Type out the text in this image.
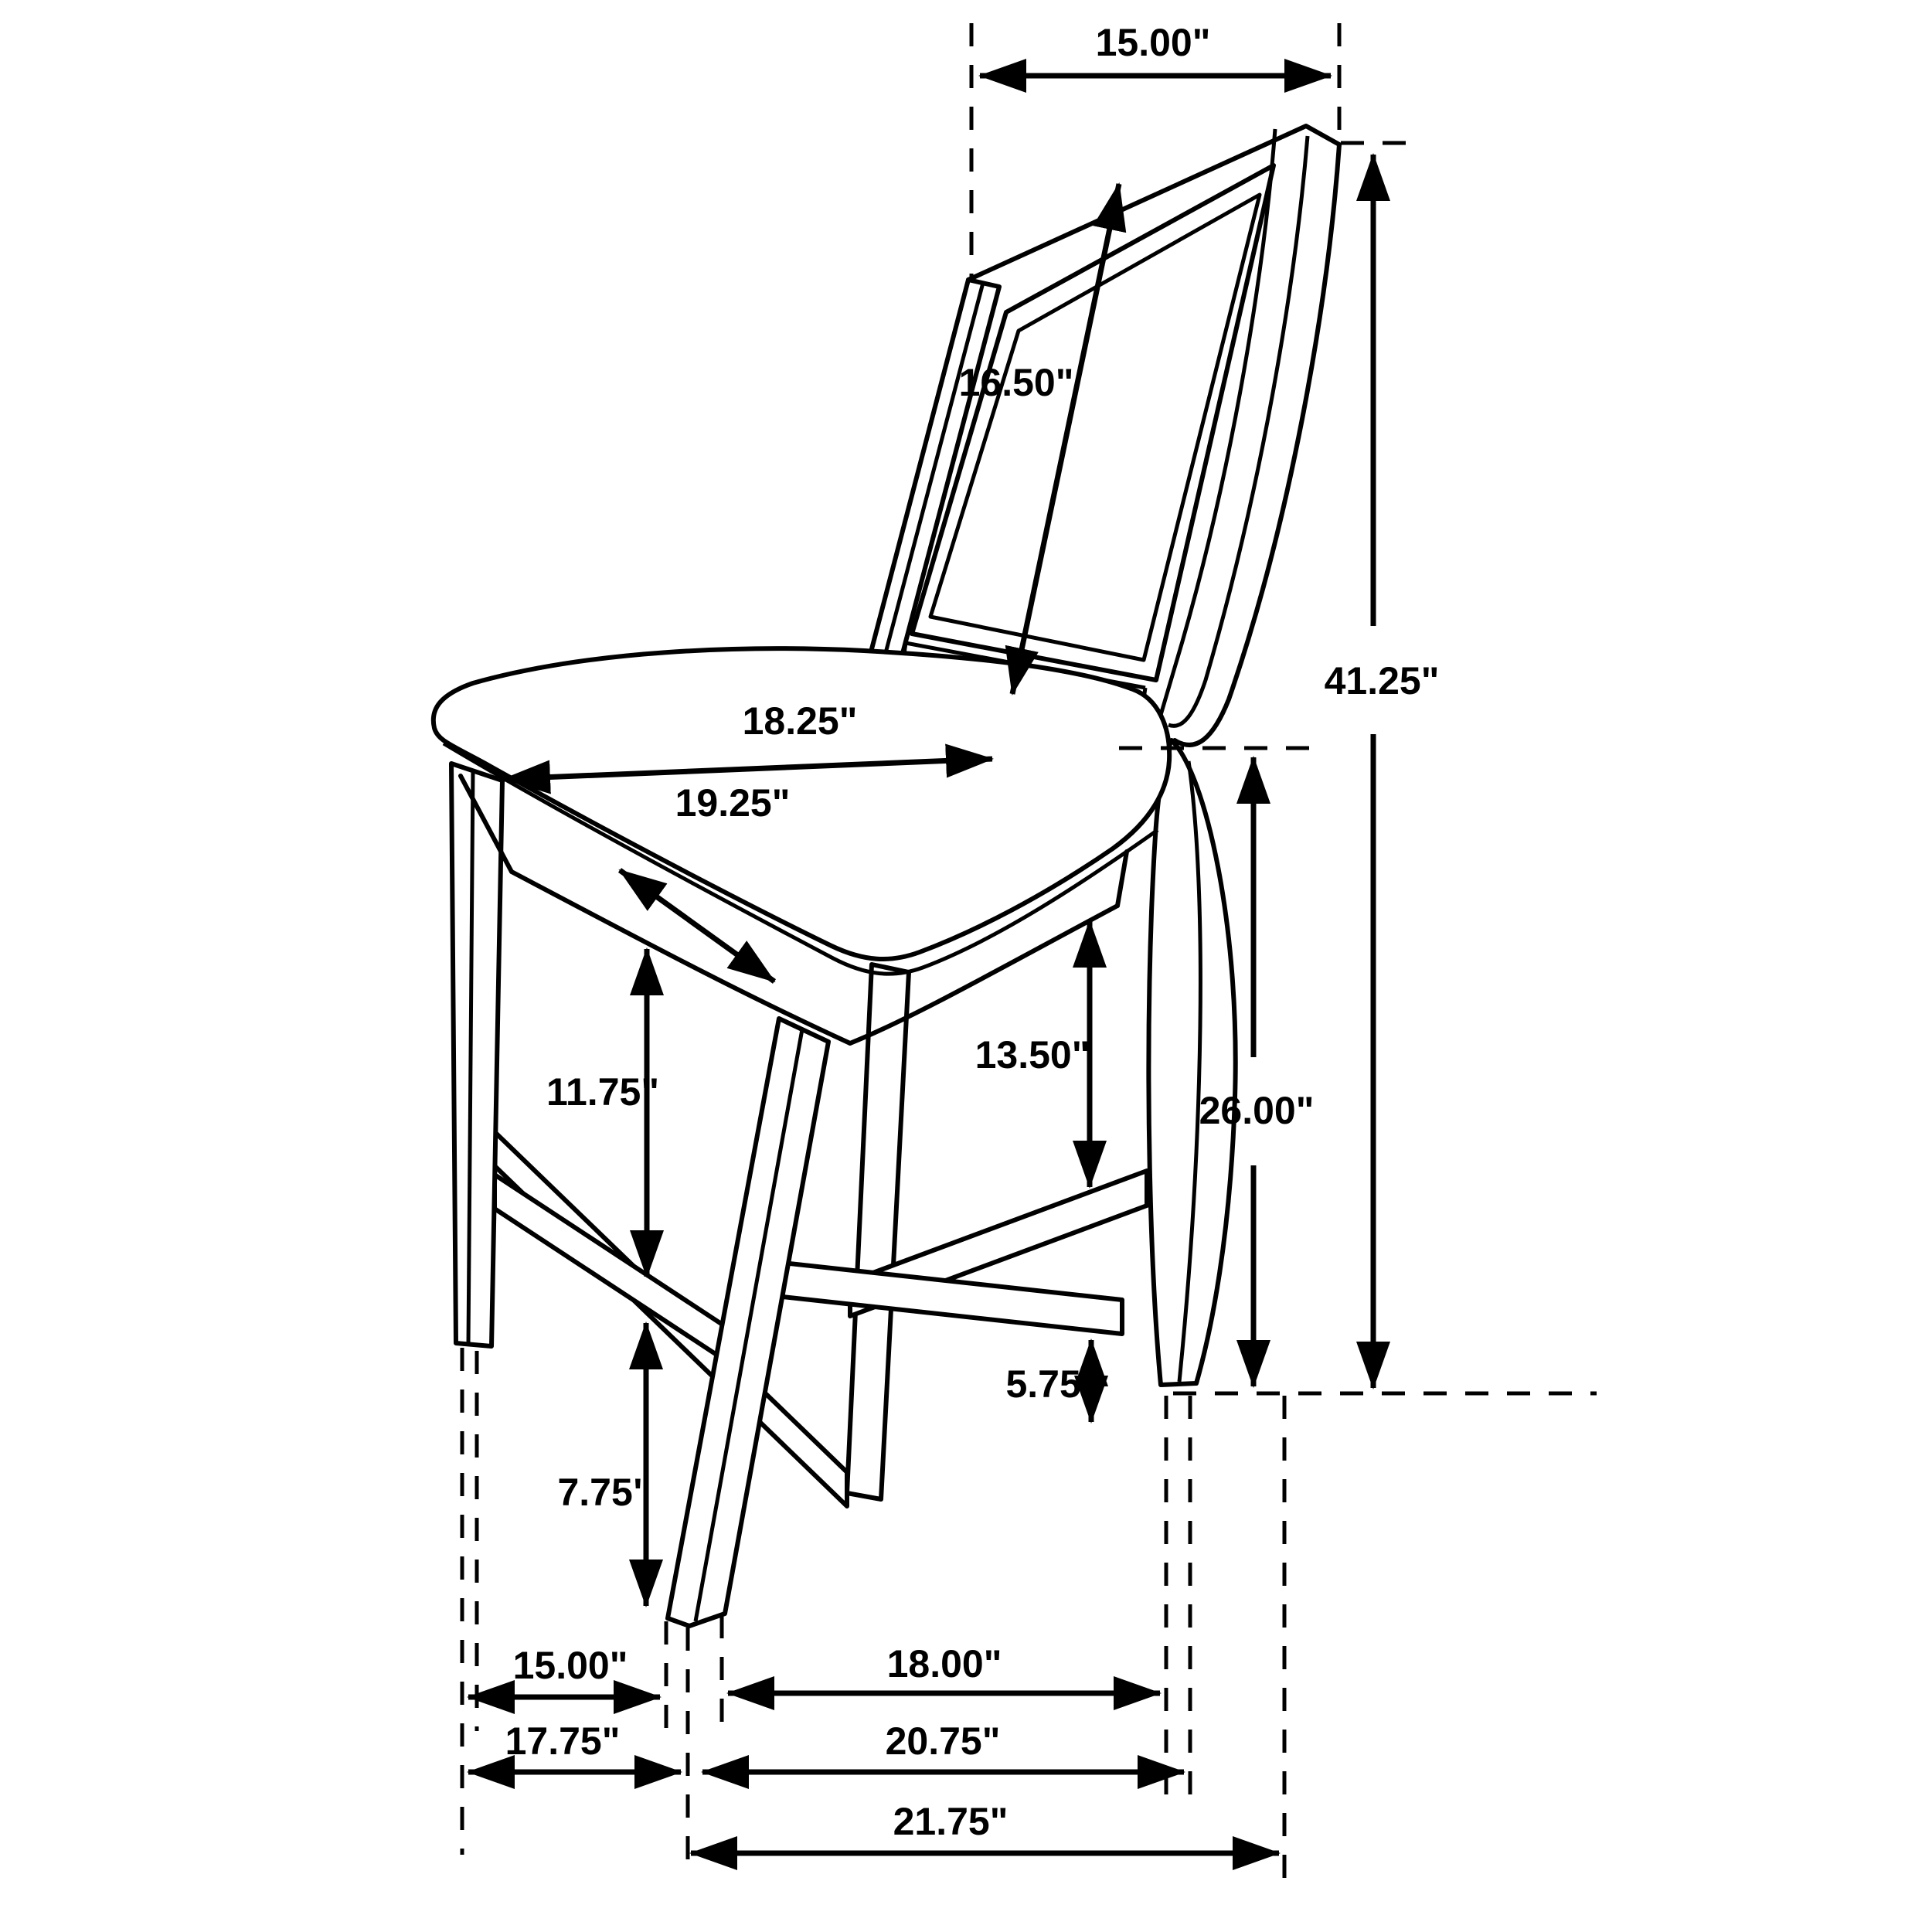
15.00"
16.50"
41.25"
18.25"
19.25"
11.75"
13.50"
26.00"
5.75"
7.75"
15.00"	18.00"
17.75"	20.75"
21.75"
